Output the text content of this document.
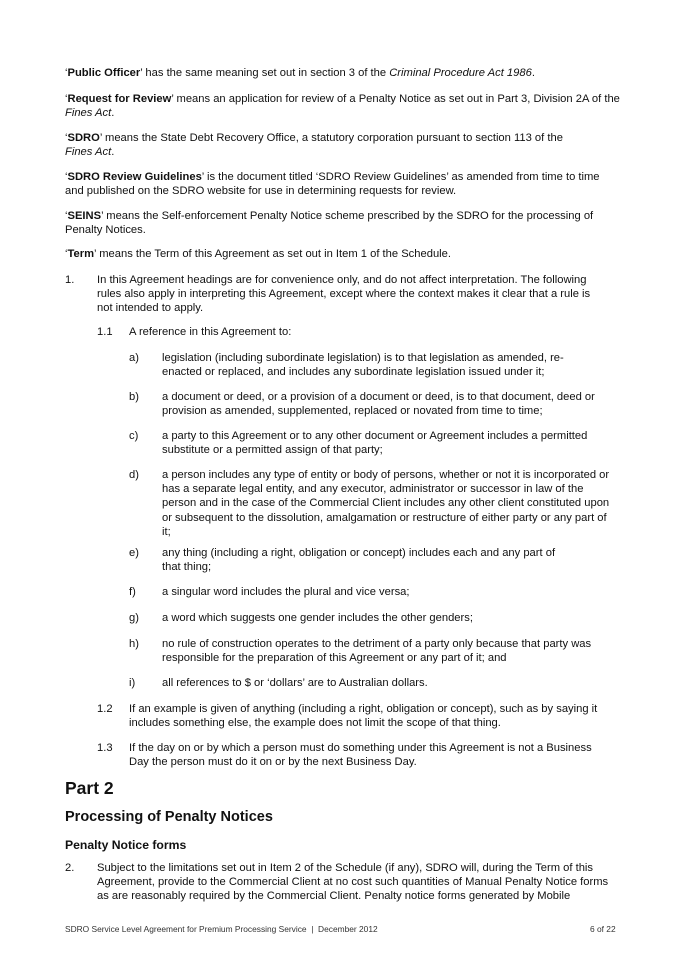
‘Public Officer’ has the same meaning set out in section 3 of the Criminal Procedure Act 1986.

‘Request for Review’ means an application for review of a Penalty Notice as set out in Part 3, Division 2A of the Fines Act.

‘SDRO’ means the State Debt Recovery Office, a statutory corporation pursuant to section 113 of the Fines Act.

‘SDRO Review Guidelines’ is the document titled ‘SDRO Review Guidelines’ as amended from time to time and published on the SDRO website for use in determining requests for review.

‘SEINS’ means the Self-enforcement Penalty Notice scheme prescribed by the SDRO for the processing of Penalty Notices.

‘Term’ means the Term of this Agreement as set out in Item 1 of the Schedule.

1. In this Agreement headings are for convenience only, and do not affect interpretation. The following rules also apply in interpreting this Agreement, except where the context makes it clear that a rule is not intended to apply.

1.1 A reference in this Agreement to:

a) legislation (including subordinate legislation) is to that legislation as amended, re-enacted or replaced, and includes any subordinate legislation issued under it;

b) a document or deed, or a provision of a document or deed, is to that document, deed or provision as amended, supplemented, replaced or novated from time to time;

c) a party to this Agreement or to any other document or Agreement includes a permitted substitute or a permitted assign of that party;

d) a person includes any type of entity or body of persons, whether or not it is incorporated or has a separate legal entity, and any executor, administrator or successor in law of the person and in the case of the Commercial Client includes any other client constituted upon or subsequent to the dissolution, amalgamation or restructure of either party or any part of it;

e) any thing (including a right, obligation or concept) includes each and any part of that thing;

f) a singular word includes the plural and vice versa;

g) a word which suggests one gender includes the other genders;

h) no rule of construction operates to the detriment of a party only because that party was responsible for the preparation of this Agreement or any part of it; and

i) all references to $ or ‘dollars’ are to Australian dollars.

1.2 If an example is given of anything (including a right, obligation or concept), such as by saying it includes something else, the example does not limit the scope of that thing.

1.3 If the day on or by which a person must do something under this Agreement is not a Business Day the person must do it on or by the next Business Day.

Part 2
Processing of Penalty Notices
Penalty Notice forms
2. Subject to the limitations set out in Item 2 of the Schedule (if any), SDRO will, during the Term of this Agreement, provide to the Commercial Client at no cost such quantities of Manual Penalty Notice forms as are reasonably required by the Commercial Client. Penalty notice forms generated by Mobile

SDRO Service Level Agreement for Premium Processing Service  |  December 2012	6 of 22
